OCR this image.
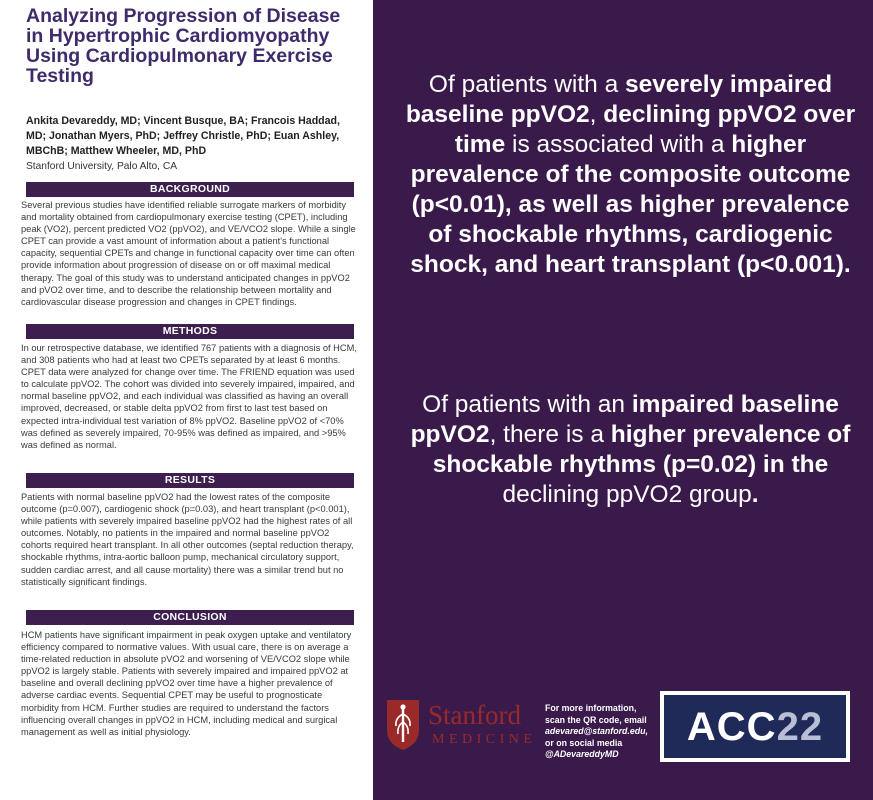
Analyzing Progression of Disease in Hypertrophic Cardiomyopathy Using Cardiopulmonary Exercise Testing
Ankita Devareddy, MD; Vincent Busque, BA; Francois Haddad, MD; Jonathan Myers, PhD; Jeffrey Christle, PhD; Euan Ashley, MBChB; Matthew Wheeler, MD, PhD
Stanford University, Palo Alto, CA
BACKGROUND

Several previous studies have identified reliable surrogate markers of morbidity and mortality obtained from cardiopulmonary exercise testing (CPET), including peak (VO2), percent predicted VO2 (ppVO2), and VE/VCO2 slope. While a single CPET can provide a vast amount of information about a patient's functional capacity, sequential CPETs and change in functional capacity over time can often provide information about progression of disease on or off maximal medical therapy. The goal of this study was to understand anticipated changes in ppVO2 and pVO2 over time, and to describe the relationship between mortality and cardiovascular disease progression and changes in CPET findings.

METHODS

In our retrospective database, we identified 767 patients with a diagnosis of HCM, and 308 patients who had at least two CPETs separated by at least 6 months. CPET data were analyzed for change over time. The FRIEND equation was used to calculate ppVO2. The cohort was divided into severely impaired, impaired, and normal baseline ppVO2, and each individual was classified as having an overall improved, decreased, or stable delta ppVO2 from first to last test based on expected intra-individual test variation of 8% ppVO2. Baseline ppVO2 of <70% was defined as severely impaired, 70-95% was defined as impaired, and >95% was defined as normal.

RESULTS

Patients with normal baseline ppVO2 had the lowest rates of the composite outcome (p=0.007), cardiogenic shock (p=0.03), and heart transplant (p<0.001), while patients with severely impaired baseline ppVO2 had the highest rates of all outcomes. Notably, no patients in the impaired and normal baseline ppVO2 cohorts required heart transplant. In all other outcomes (septal reduction therapy, shockable rhythms, intra-aortic balloon pump, mechanical circulatory support, sudden cardiac arrest, and all cause mortality) there was a similar trend but no statistically significant findings.

CONCLUSION

HCM patients have significant impairment in peak oxygen uptake and ventilatory efficiency compared to normative values. With usual care, there is on average a time-related reduction in absolute pVO2 and worsening of VE/VCO2 slope while ppVO2 is largely stable. Patients with severely impaired and impaired ppVO2 at baseline and overall declining ppVO2 over time have a higher prevalence of adverse cardiac events. Sequential CPET may be useful to prognosticate morbidity from HCM. Further studies are required to understand the factors influencing overall changes in ppVO2 in HCM, including medical and surgical management as well as initial physiology.

Of patients with a severely impaired baseline ppVO2, declining ppVO2 over time is associated with a higher prevalence of the composite outcome (p<0.01), as well as higher prevalence of shockable rhythms, cardiogenic shock, and heart transplant (p<0.001).

Of patients with an impaired baseline ppVO2, there is a higher prevalence of shockable rhythms (p=0.02) in the declining ppVO2 group.

Stanford
MEDICINE
For more information,
scan the QR code, email
adevared@stanford.edu,
or on social media
@ADevareddyMD
ACC22
